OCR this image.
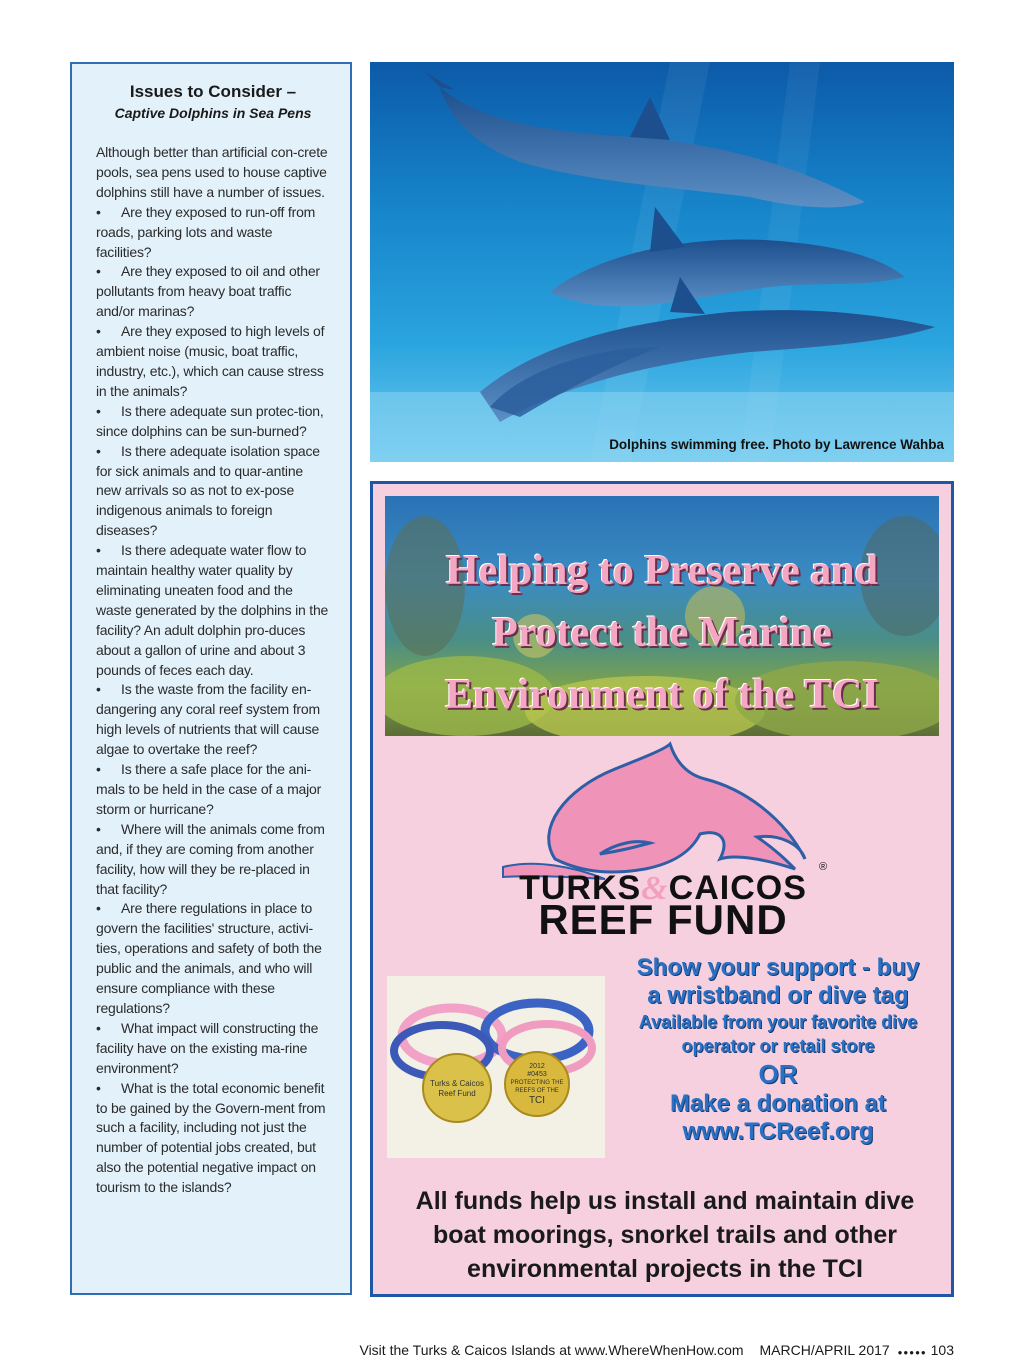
Issues to Consider –
Captive Dolphins in Sea Pens

Although better than artificial con-crete pools, sea pens used to house captive dolphins still have a number of issues.

• Are they exposed to run-off from roads, parking lots and waste facilities?
• Are they exposed to oil and other pollutants from heavy boat traffic and/or marinas?
• Are they exposed to high levels of ambient noise (music, boat traffic, industry, etc.), which can cause stress in the animals?
• Is there adequate sun protec-tion, since dolphins can be sun-burned?
• Is there adequate isolation space for sick animals and to quar-antine new arrivals so as not to ex-pose indigenous animals to foreign diseases?
• Is there adequate water flow to maintain healthy water quality by eliminating uneaten food and the waste generated by the dolphins in the facility? An adult dolphin pro-duces about a gallon of urine and about 3 pounds of feces each day.
• Is the waste from the facility en-dangering any coral reef system from high levels of nutrients that will cause algae to overtake the reef?
• Is there a safe place for the ani-mals to be held in the case of a major storm or hurricane?
• Where will the animals come from and, if they are coming from another facility, how will they be re-placed in that facility?
• Are there regulations in place to govern the facilities' structure, activi-ties, operations and safety of both the public and the animals, and who will ensure compliance with these regulations?
• What impact will constructing the facility have on the existing ma-rine environment?
• What is the total economic benefit to be gained by the Govern-ment from such a facility, including not just the number of potential jobs created, but also the potential negative impact on tourism to the islands?
Dolphins swimming free. Photo by Lawrence Wahba
Helping to Preserve and
Protect the Marine
Environment of the TCI
TURKS&CAICOS
®
REEF FUND
Turks & Caicos
Reef Fund
2012
#0453
PROTECTING THE
REEFS OF THE
TCI
Show your support - buy
a wristband or dive tag
Available from your favorite dive
operator or retail store
OR
Make a donation at
www.TCReef.org
All funds help us install and maintain dive
boat moorings, snorkel trails and other
environmental projects in the TCI
Visit the Turks & Caicos Islands at www.WhereWhenHow.com MARCH/APRIL 2017 ●●●●● 103
